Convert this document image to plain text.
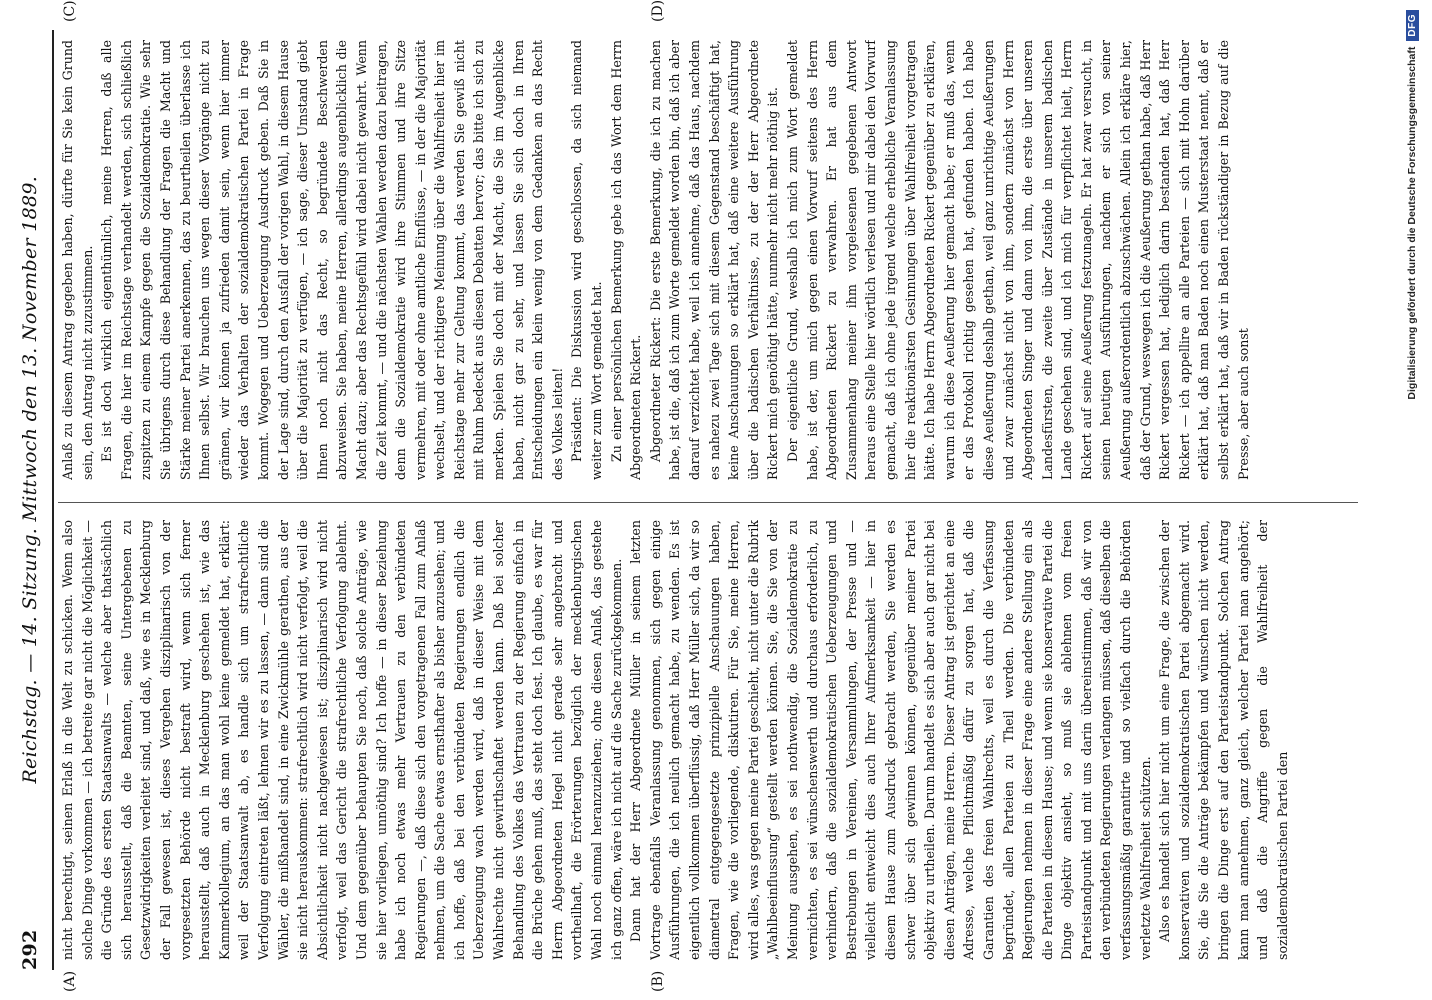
292
Reichstag. — 14. Sitzung. Mittwoch den 13. November 1889.
(A)	(B)
(C)	(D)

nicht berechtigt, seinen Erlaß in die Welt zu schicken. Wenn also solche Dinge vorkommen — ich betreite gar nicht die Möglichkeit — die Gründe des ersten Staatsanwalts — welche aber thatsächlich sich herausstellt, daß die Beamten, seine Untergebenen zu Gesetzwidrigkeiten verleitet sind, und daß, wie es in Mecklenburg der Fall gewesen ist, dieses Vergehen disziplinarisch von der vorgesetzten Behörde nicht bestraft wird, wenn sich ferner herausstellt, daß auch in Mecklenburg geschehen ist, wie das Kammerkollegium, an das man wohl keine gemeldet hat, erklärt: weil der Staatsanwalt ab, es handle sich um strafrechtliche Verfolgung eintreten läßt, lehnen wir es zu lassen, — dann sind die Wähler, die mißhandelt sind, in eine Zwickmühle gerathen, aus der sie nicht herauskommen: strafrechtlich wird nicht verfolgt, weil die Absichtlichkeit nicht nachgewiesen ist; disziplinarisch wird nicht verfolgt, weil das Gericht die strafrechtliche Verfolgung ablehnt. Und dem gegenüber behaupten Sie noch, daß solche Anträge, wie sie hier vorliegen, unnöthig sind? Ich hoffe — in dieser Beziehung habe ich noch etwas mehr Vertrauen zu den verbündeten Regierungen —, daß diese sich den vorgetragenen Fall zum Anlaß nehmen, um die Sache etwas ernsthafter als bisher anzusehen; und ich hoffe, daß bei den verbündeten Regierungen endlich die Ueberzeugung wach werden wird, daß in dieser Weise mit dem Wahlrechte nicht gewirthschaftet werden kann. Daß bei solcher Behandlung des Volkes das Vertrauen zu der Regierung einfach in die Brüche gehen muß, das steht doch fest. Ich glaube, es war für Herrn Abgeordneten Hegel nicht gerade sehr angebracht und vortheilhaft, die Erörterungen bezüglich der mecklenburgischen Wahl noch einmal heranzuziehen; ohne diesen Anlaß, das gestehe ich ganz offen, wäre ich nicht auf die Sache zurückgekommen. Dann hat der Herr Abgeordnete Müller in seinem letzten Vortrage ebenfalls Veranlassung genommen, sich gegen einige Ausführungen, die ich neulich gemacht habe, zu wenden. Es ist eigentlich vollkommen überflüssig, daß Herr Müller sich, da wir so diametral entgegengesetzte prinzipielle Anschauungen haben, Fragen, wie die vorliegende, diskutiren. Für Sie, meine Herren, wird alles, was gegen meine Partei geschieht, nicht unter die Rubrik „Wahlbeeinflussung“ gestellt werden können. Sie, die Sie von der Meinung ausgehen, es sei nothwendig, die Sozialdemokratie zu vernichten, es sei wünschenswerth und durchaus erforderlich, zu verhindern, daß die sozialdemokratischen Ueberzeugungen und Bestrebungen in Vereinen, Versammlungen, der Presse und — vielleicht entweicht dies auch Ihrer Aufmerksamkeit — hier in diesem Hause zum Ausdruck gebracht werden, Sie werden es schwer über sich gewinnen können, gegenüber meiner Partei objektiv zu urtheilen. Darum handelt es sich aber auch gar nicht bei diesen Anträgen, meine Herren. Dieser Antrag ist gerichtet an eine Adresse, welche Pflichtmäßig dafür zu sorgen hat, daß die Garantien des freien Wahlrechts, weil es durch die Verfassung begründet, allen Parteien zu Theil werden. Die verbündeten Regierungen nehmen in dieser Frage eine andere Stellung ein als die Parteien in diesem Hause; und wenn sie konservative Partei die Dinge objektiv ansieht, so muß sie ablehnen vom freien Parteistandpunkt und mit uns darin übereinstimmen, daß wir von den verbündeten Regierungen verlangen müssen, daß dieselben die verfassungsmäßig garantirte und so vielfach durch die Behörden verletzte Wahlfreiheit schützen. Also es handelt sich hier nicht um eine Frage, die zwischen der konservativen und sozialdemokratischen Partei abgemacht wird. Sie, die Sie die Anträge bekämpfen und wünschen nicht werden, bringen die Dinge erst auf den Parteistandpunkt. Solchen Antrag kann man annehmen, ganz gleich, welcher Partei man angehört; und daß die Angriffe gegen die Wahlfreiheit der sozialdemokratischen Partei den

Anlaß zu diesem Antrag gegeben haben, dürfte für Sie kein Grund sein, den Antrag nicht zuzustimmen. Es ist doch wirklich eigenthümlich, meine Herren, daß alle Fragen, die hier im Reichstage verhandelt werden, sich schließlich zuspitzen zu einem Kampfe gegen die Sozialdemokratie. Wie sehr Sie übrigens durch diese Behandlung der Fragen die Macht und Stärke meiner Partei anerkennen, das zu beurtheilen überlasse ich Ihnen selbst. Wir brauchen uns wegen dieser Vorgänge nicht zu grämen, wir können ja zufrieden damit sein, wenn hier immer wieder das Verhalten der sozialdemokratischen Partei in Frage kommt. Wogegen und Ueberzeugung Ausdruck geben. Daß Sie in der Lage sind, durch den Ausfall der vorigen Wahl, in diesem Hause über die Majorität zu verfügen, — ich sage, dieser Umstand giebt Ihnen noch nicht das Recht, so begründete Beschwerden abzuweisen. Sie haben, meine Herren, allerdings augenblicklich die Macht dazu; aber das Rechtsgefühl wird dabei nicht gewahrt. Wenn die Zeit kommt, — und die nächsten Wahlen werden dazu beitragen, denn die Sozialdemokratie wird ihre Stimmen und ihre Sitze vermehren, mit oder ohne amtliche Einflüsse, — in der die Majorität wechselt, und der richtigere Meinung über die Wahlfreiheit hier im Reichstage mehr zur Geltung kommt, das werden Sie gewiß nicht mit Ruhm bedeckt aus diesen Debatten hervor; das bitte ich sich zu merken. Spielen Sie doch mit der Macht, die Sie im Augenblicke haben, nicht gar zu sehr, und lassen Sie sich doch in Ihren Entscheidungen ein klein wenig von dem Gedanken an das Recht des Volkes leiten! Präsident: Die Diskussion wird geschlossen, da sich niemand weiter zum Wort gemeldet hat. Zu einer persönlichen Bemerkung gebe ich das Wort dem Herrn Abgeordneten Rickert. Abgeordneter Rickert: Die erste Bemerkung, die ich zu machen habe, ist die, daß ich zum Worte gemeldet worden bin, daß ich aber darauf verzichtet habe, weil ich annehme, daß das Haus, nachdem es nahezu zwei Tage sich mit diesem Gegenstand beschäftigt hat, keine Anschauungen so erklärt hat, daß eine weitere Ausführung über die badischen Verhältnisse, zu der der Herr Abgeordnete Rickert mich genöthigt hätte, nunmehr nicht mehr nöthig ist. Der eigentliche Grund, weshalb ich mich zum Wort gemeldet habe, ist der, um mich gegen einen Vorwurf seitens des Herrn Abgeordneten Rickert zu verwahren. Er hat aus dem Zusammenhang meiner ihm vorgelesenen gegebenen Antwort heraus eine Stelle hier wörtlich verlesen und mir dabei den Vorwurf gemacht, daß ich ohne jede irgend welche erhebliche Veranlassung hier die reaktionärsten Gesinnungen über Wahlfreiheit vorgetragen hätte. Ich habe Herrn Abgeordneten Rickert gegenüber zu erklären, warum ich diese Aeußerung hier gemacht habe; er muß das, wenn er das Protokoll richtig gesehen hat, gefunden haben. Ich habe diese Aeußerung deshalb gethan, weil ganz unrichtige Aeußerungen und zwar zunächst nicht von ihm, sondern zunächst von Herrn Abgeordneten Singer und dann von ihm, die erste über unseren Landesfürsten, die zweite über Zustände in unserem badischen Lande geschehen sind, und ich mich für verpflichtet hielt, Herrn Rickert auf seine Aeußerung festzunageln. Er hat zwar versucht, in seinen heutigen Ausführungen, nachdem er sich von seiner Aeußerung außerordentlich abzuschwächen. Allein ich erkläre hier, daß der Grund, weswegen ich die Aeußerung gethan habe, daß Herr Rickert vergessen hat, lediglich darin bestanden hat, daß Herr Rickert — ich appellire an alle Parteien — sich mit Hohn darüber erklärt hat, daß man Baden noch einen Musterstaat nennt, daß er selbst erklärt hat, daß wir in Baden rückständiger in Bezug auf die Presse, aber auch sonst

Digitalisierung gefördert durch die Deutsche Forschungsgemeinschaft
DFG
